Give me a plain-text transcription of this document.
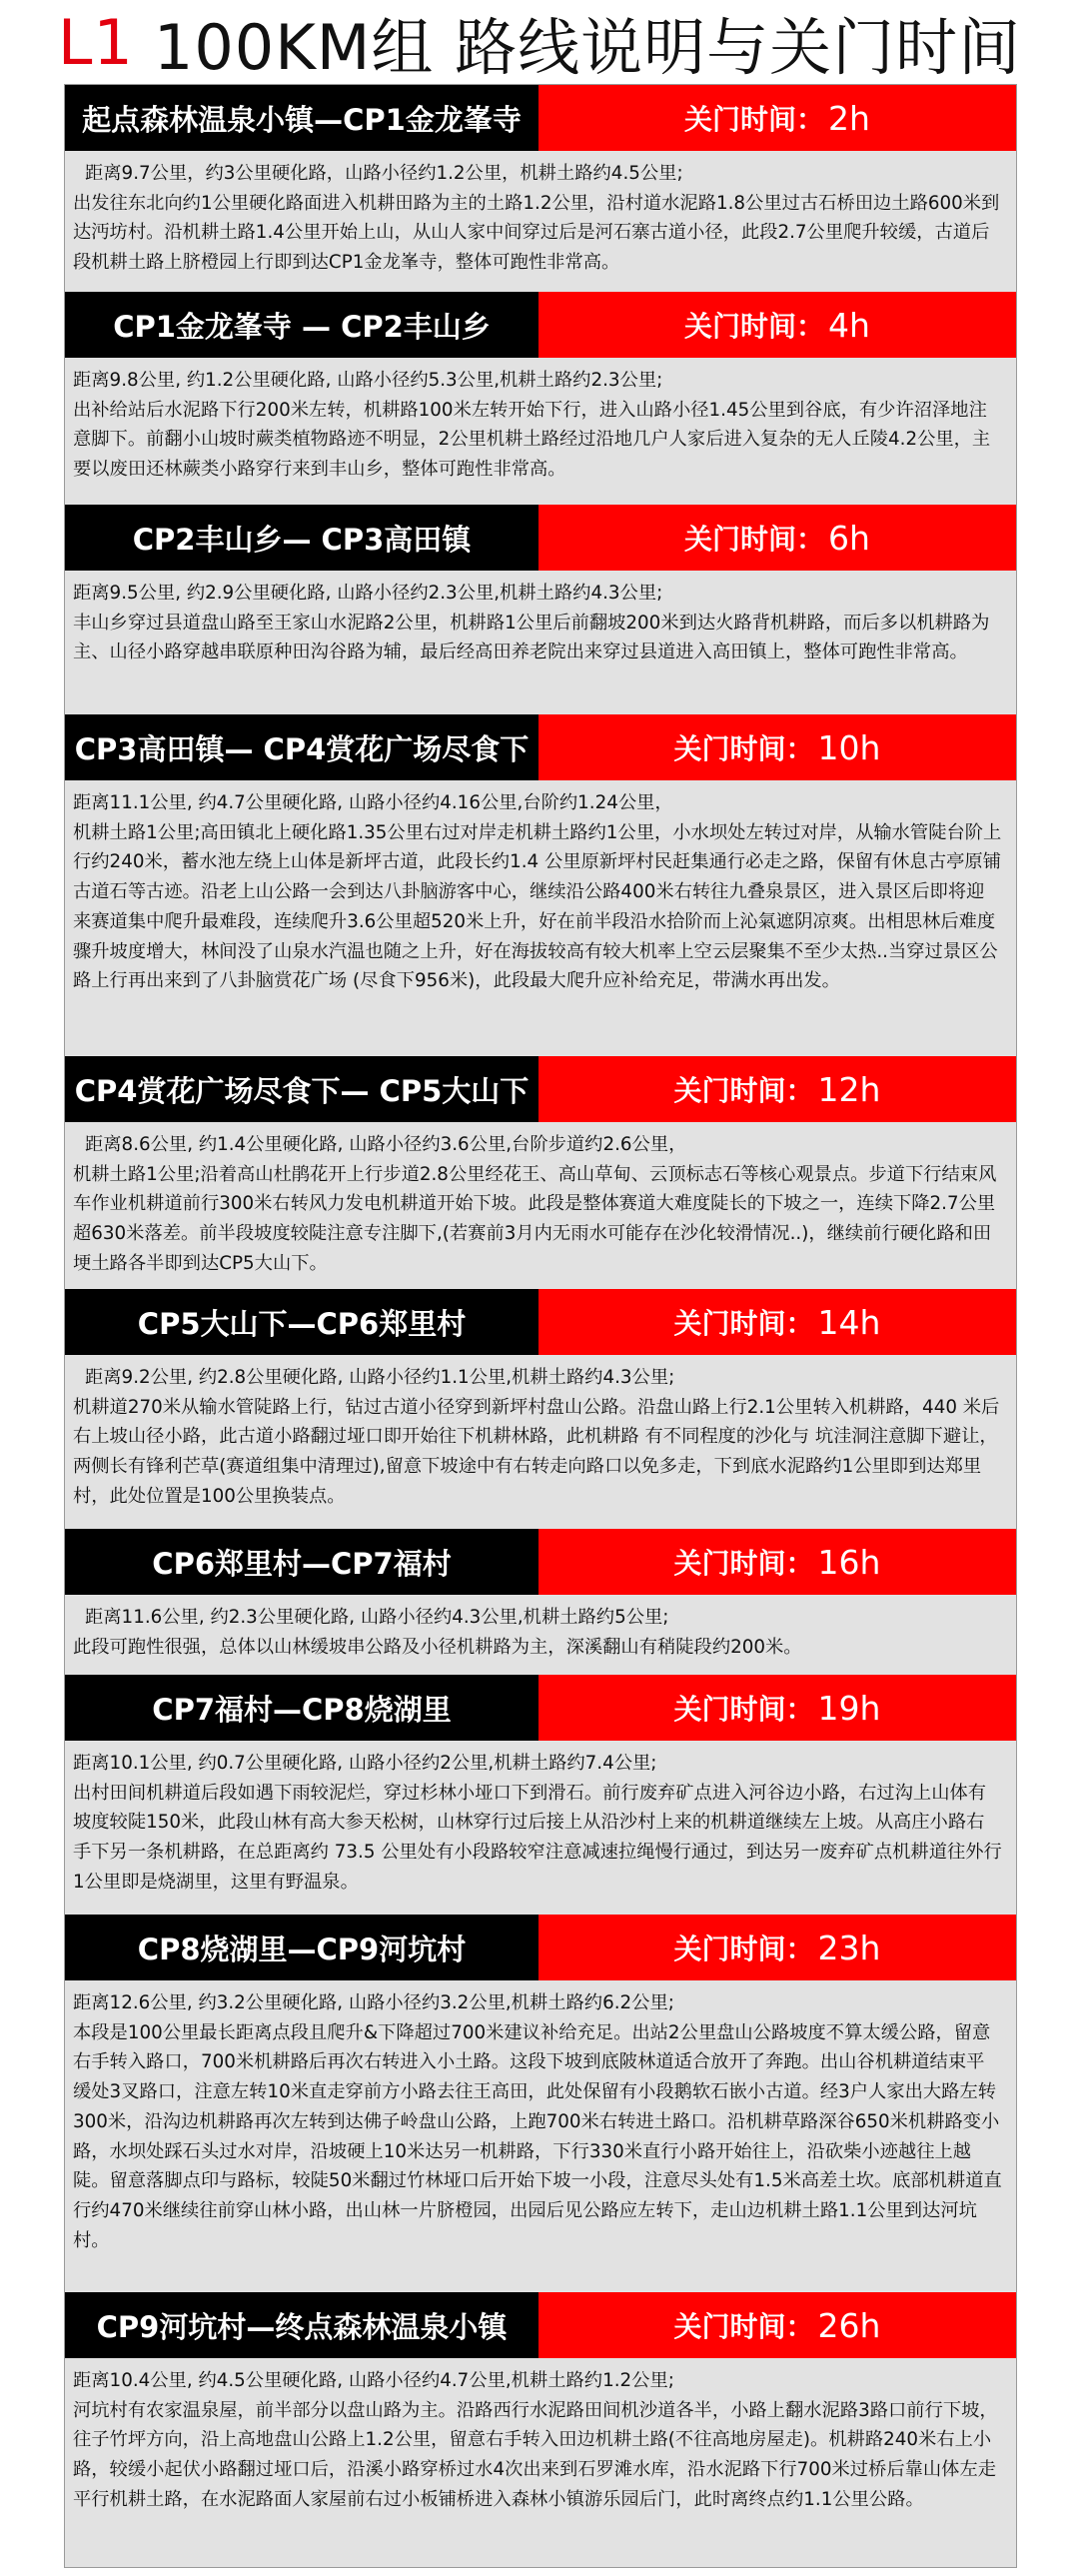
L1 100KM组 路线说明与关门时间
起点森林温泉小镇—CP1金龙峯寺	关门时间： 2h

距离9.7公里，约3公里硬化路，山路小径约1.2公里，机耕土路约4.5公里;

出发往东北向约1公里硬化路面进入机耕田路为主的土路1.2公里，沿村道水泥路1.8公里过古石桥田边土路600米到达沔坊村。沿机耕土路1.4公里开始上山，从山人家中间穿过后是河石寨古道小径，此段2.7公里爬升较缓，古道后段机耕土路上脐橙园上行即到达CP1金龙峯寺，整体可跑性非常高。

CP1金龙峯寺 — CP2丰山乡	关门时间： 4h

距离9.8公里, 约1.2公里硬化路, 山路小径约5.3公里,机耕土路约2.3公里;

出补给站后水泥路下行200米左转，机耕路100米左转开始下行，进入山路小径1.45公里到谷底，有少许沼泽地注意脚下。前翻小山坡时蕨类植物路迹不明显，2公里机耕土路经过沿地几户人家后进入复杂的无人丘陵4.2公里，主要以废田还林蕨类小路穿行来到丰山乡，整体可跑性非常高。

CP2丰山乡— CP3高田镇	关门时间： 6h

距离9.5公里, 约2.9公里硬化路, 山路小径约2.3公里,机耕土路约4.3公里;

丰山乡穿过县道盘山路至王家山水泥路2公里，机耕路1公里后前翻坡200米到达火路背机耕路，而后多以机耕路为主、山径小路穿越串联原种田沟谷路为辅，最后经高田养老院出来穿过县道进入高田镇上，整体可跑性非常高。

CP3高田镇— CP4赏花广场尽食下	关门时间： 10h

距离11.1公里, 约4.7公里硬化路, 山路小径约4.16公里,台阶约1.24公里，

机耕土路1公里;高田镇北上硬化路1.35公里右过对岸走机耕土路约1公里，小水坝处左转过对岸，从输水管陡台阶上行约240米，蓄水池左绕上山体是新坪古道，此段长约1.4 公里原新坪村民赶集通行必走之路，保留有休息古亭原铺古道石等古迹。沿老上山公路一会到达八卦脑游客中心，继续沿公路400米右转往九叠泉景区，进入景区后即将迎来赛道集中爬升最难段，连续爬升3.6公里超520米上升，好在前半段沿水拾阶而上沁氣遮阴凉爽。出相思林后难度骤升坡度增大，林间没了山泉水汽温也随之上升，好在海拔较高有较大机率上空云层聚集不至少太热..当穿过景区公路上行再出来到了八卦脑赏花广场 (尽食下956米)，此段最大爬升应补给充足，带满水再出发。

CP4赏花广场尽食下— CP5大山下	关门时间： 12h

距离8.6公里, 约1.4公里硬化路, 山路小径约3.6公里,台阶步道约2.6公里，

机耕土路1公里;沿着高山杜鹃花开上行步道2.8公里经花王、高山草甸、云顶标志石等核心观景点。步道下行结束风车作业机耕道前行300米右转风力发电机耕道开始下坡。此段是整体赛道大难度陡长的下坡之一，连续下降2.7公里超630米落差。前半段坡度较陡注意专注脚下,(若赛前3月内无雨水可能存在沙化较滑情况..)，继续前行硬化路和田埂土路各半即到达CP5大山下。

CP5大山下—CP6郑里村	关门时间： 14h

距离9.2公里, 约2.8公里硬化路, 山路小径约1.1公里,机耕土路约4.3公里;

机耕道270米从输水管陡路上行，钻过古道小径穿到新坪村盘山公路。沿盘山路上行2.1公里转入机耕路，440 米后右上坡山径小路，此古道小路翻过垭口即开始往下机耕林路，此机耕路 有不同程度的沙化与 坑洼洞注意脚下避让，两侧长有锋利芒草(赛道组集中清理过),留意下坡途中有右转走向路口以免多走，下到底水泥路约1公里即到达郑里村，此处位置是100公里换装点。

CP6郑里村—CP7福村	关门时间： 16h

距离11.6公里, 约2.3公里硬化路, 山路小径约4.3公里,机耕土路约5公里;

此段可跑性很强，总体以山林缓坡串公路及小径机耕路为主，深溪翻山有稍陡段约200米。

CP7福村—CP8烧湖里	关门时间： 19h

距离10.1公里, 约0.7公里硬化路, 山路小径约2公里,机耕土路约7.4公里;

出村田间机耕道后段如遇下雨较泥烂，穿过杉林小垭口下到滑石。前行废弃矿点进入河谷边小路，右过沟上山体有坡度较陡150米，此段山林有高大参天松树，山林穿行过后接上从沿沙村上来的机耕道继续左上坡。从高庄小路右手下另一条机耕路，在总距离约 73.5 公里处有小段路较窄注意减速拉绳慢行通过，到达另一废弃矿点机耕道往外行 1公里即是烧湖里，这里有野温泉。

CP8烧湖里—CP9河坑村	关门时间： 23h

距离12.6公里, 约3.2公里硬化路, 山路小径约3.2公里,机耕土路约6.2公里;

本段是100公里最长距离点段且爬升&下降超过700米建议补给充足。出站2公里盘山公路坡度不算太缓公路，留意右手转入路口，700米机耕路后再次右转进入小土路。这段下坡到底陂林道适合放开了奔跑。出山谷机耕道结束平缓处3叉路口，注意左转10米直走穿前方小路去往王高田，此处保留有小段鹅软石嵌小古道。经3户人家出大路左转300米，沿沟边机耕路再次左转到达佛子岭盘山公路，上跑700米右转进土路口。沿机耕草路深谷650米机耕路变小路，水坝处踩石头过水对岸，沿坡硬上10米达另一机耕路，下行330米直行小路开始往上，沿砍柴小迹越往上越陡。留意落脚点印与路标，较陡50米翻过竹林垭口后开始下坡一小段，注意尽头处有1.5米高差土坎。底部机耕道直行约470米继续往前穿山林小路，出山林一片脐橙园，出园后见公路应左转下，走山边机耕土路1.1公里到达河坑村。

CP9河坑村—终点森林温泉小镇	关门时间： 26h

距离10.4公里, 约4.5公里硬化路, 山路小径约4.7公里,机耕土路约1.2公里;

河坑村有农家温泉屋，前半部分以盘山路为主。沿路西行水泥路田间机沙道各半，小路上翻水泥路3路口前行下坡，往子竹坪方向，沿上高地盘山公路上1.2公里，留意右手转入田边机耕土路(不往高地房屋走)。机耕路240米右上小路，较缓小起伏小路翻过垭口后，沿溪小路穿桥过水4次出来到石罗滩水库，沿水泥路下行700米过桥后靠山体左走平行机耕土路，在水泥路面人家屋前右过小板铺桥进入森林小镇游乐园后门，此时离终点约1.1公里公路。
